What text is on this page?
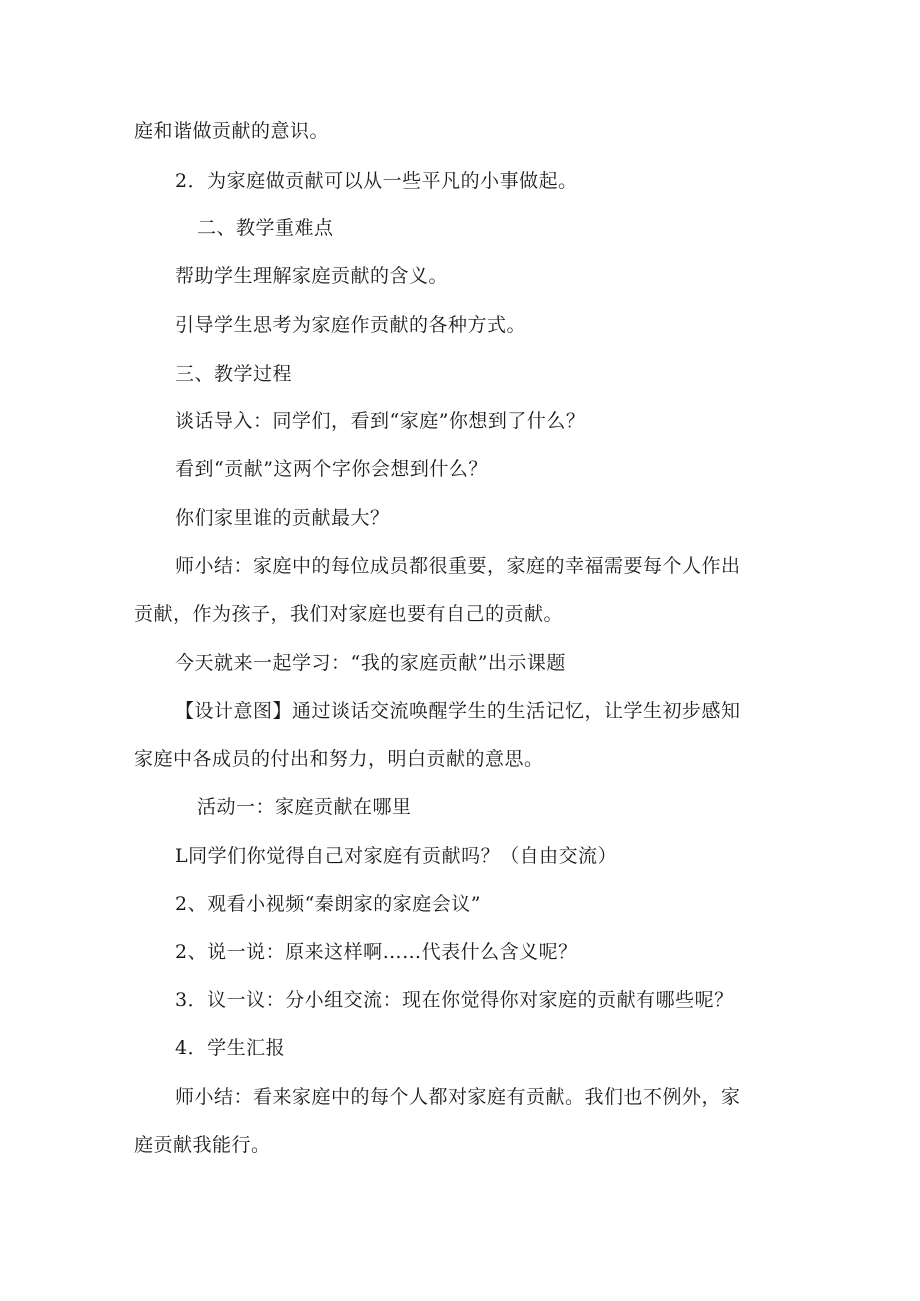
庭和谐做贡献的意识。
2．为家庭做贡献可以从一些平凡的小事做起。
二、教学重难点
帮助学生理解家庭贡献的含义。
引导学生思考为家庭作贡献的各种方式。
三、教学过程
谈话导入：同学们，看到“家庭”你想到了什么？
看到“贡献”这两个字你会想到什么？
你们家里谁的贡献最大？
师小结：家庭中的每位成员都很重要，家庭的幸福需要每个人作出
贡献，作为孩子，我们对家庭也要有自己的贡献。
今天就来一起学习：“我的家庭贡献”出示课题
【设计意图】通过谈话交流唤醒学生的生活记忆，让学生初步感知
家庭中各成员的付出和努力，明白贡献的意思。
活动一：家庭贡献在哪里
L同学们你觉得自己对家庭有贡献吗？（自由交流）
2、观看小视频“秦朗家的家庭会议”
2、说一说：原来这样啊……代表什么含义呢？
3．议一议：分小组交流：现在你觉得你对家庭的贡献有哪些呢？
4．学生汇报
师小结：看来家庭中的每个人都对家庭有贡献。我们也不例外，家
庭贡献我能行。
